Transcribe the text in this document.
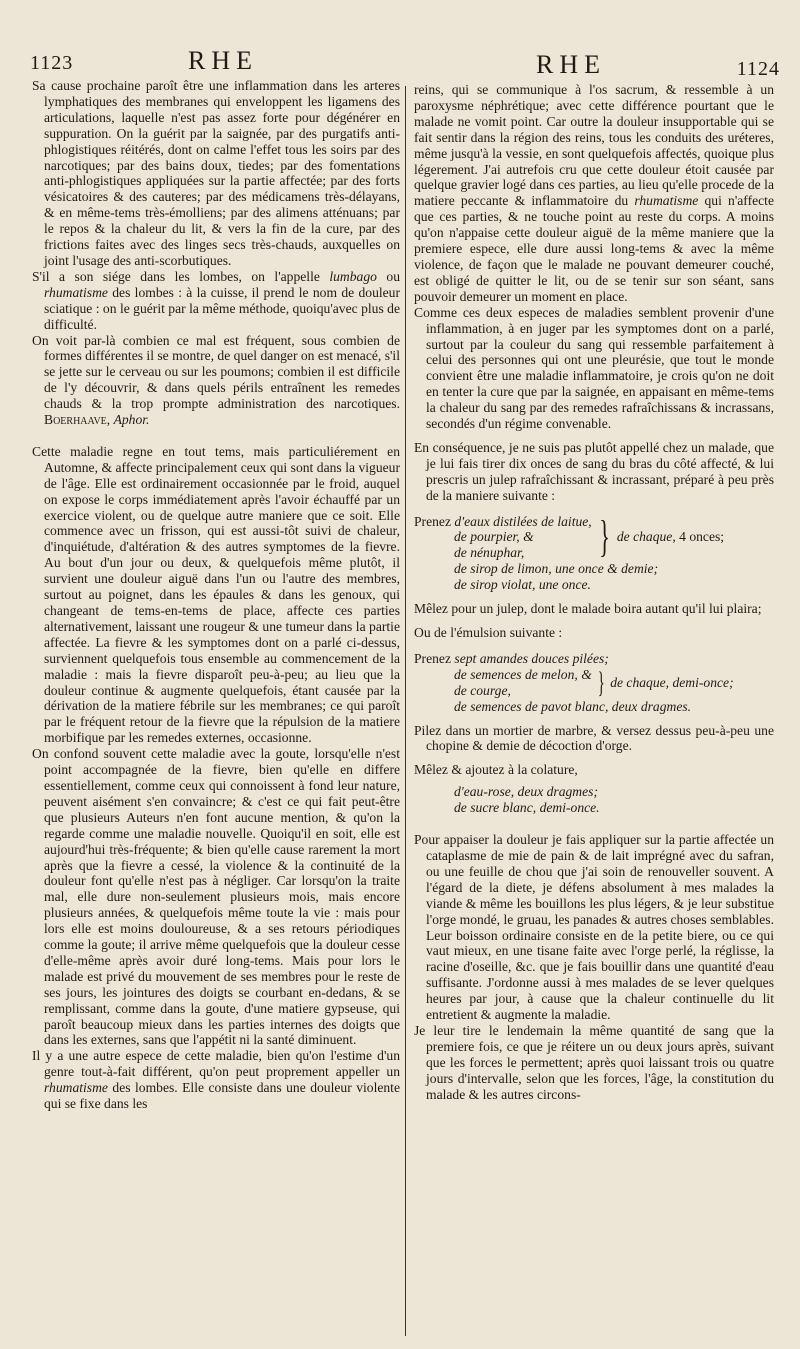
1123	RHE	RHE	1124

Sa cause prochaine paroît être une inflammation dans les arteres lymphatiques des membranes qui enveloppent les ligamens des articulations, laquelle n'est pas assez forte pour dégénérer en suppuration. On la guérit par la saignée, par des purgatifs anti-phlogistiques réitérés, dont on calme l'effet tous les soirs par des narcotiques; par des bains doux, tiedes; par des fomentations anti-phlogistiques appliquées sur la partie affectée; par des forts vésicatoires & des cauteres; par des médicamens très-délayans, & en même-tems très-émolliens; par des alimens atténuans; par le repos & la chaleur du lit, & vers la fin de la cure, par des frictions faites avec des linges secs très-chauds, auxquelles on joint l'usage des anti-scorbutiques.

S'il a son siége dans les lombes, on l'appelle lumbago ou rhumatisme des lombes : à la cuisse, il prend le nom de douleur sciatique : on le guérit par la même méthode, quoiqu'avec plus de difficulté.

On voit par-là combien ce mal est fréquent, sous combien de formes différentes il se montre, de quel danger on est menacé, s'il se jette sur le cerveau ou sur les poumons; combien il est difficile de l'y découvrir, & dans quels périls entraînent les remedes chauds & la trop prompte administration des narcotiques. Boerhaave, Aphor.

Cette maladie regne en tout tems, mais particuliérement en Automne, & affecte principalement ceux qui sont dans la vigueur de l'âge. Elle est ordinairement occasionnée par le froid, auquel on expose le corps immédiatement après l'avoir échauffé par un exercice violent, ou de quelque autre maniere que ce soit. Elle commence avec un frisson, qui est aussi-tôt suivi de chaleur, d'inquiétude, d'altération & des autres symptomes de la fievre. Au bout d'un jour ou deux, & quelquefois même plutôt, il survient une douleur aiguë dans l'un ou l'autre des membres, surtout au poignet, dans les épaules & dans les genoux, qui changeant de tems-en-tems de place, affecte ces parties alternativement, laissant une rougeur & une tumeur dans la partie affectée. La fievre & les symptomes dont on a parlé ci-dessus, surviennent quelquefois tous ensemble au commencement de la maladie : mais la fievre disparoît peu-à-peu; au lieu que la douleur continue & augmente quelquefois, étant causée par la dérivation de la matiere fébrile sur les membranes; ce qui paroît par le fréquent retour de la fievre que la répulsion de la matiere morbifique par les remedes externes, occasionne.

On confond souvent cette maladie avec la goute, lorsqu'elle n'est point accompagnée de la fievre, bien qu'elle en differe essentiellement, comme ceux qui connoissent à fond leur nature, peuvent aisément s'en convaincre; & c'est ce qui fait peut-être que plusieurs Auteurs n'en font aucune mention, & qu'on la regarde comme une maladie nouvelle. Quoiqu'il en soit, elle est aujourd'hui très-fréquente; & bien qu'elle cause rarement la mort après que la fievre a cessé, la violence & la continuité de la douleur font qu'elle n'est pas à négliger. Car lorsqu'on la traite mal, elle dure non-seulement plusieurs mois, mais encore plusieurs années, & quelquefois même toute la vie : mais pour lors elle est moins douloureuse, & a ses retours périodiques comme la goute; il arrive même quelquefois que la douleur cesse d'elle-même après avoir duré long-tems. Mais pour lors le malade est privé du mouvement de ses membres pour le reste de ses jours, les jointures des doigts se courbant en-dedans, & se remplissant, comme dans la goute, d'une matiere gypseuse, qui paroît beaucoup mieux dans les parties internes des doigts que dans les externes, sans que l'appétit ni la santé diminuent.

Il y a une autre espece de cette maladie, bien qu'on l'estime d'un genre tout-à-fait différent, qu'on peut proprement appeller un rhumatisme des lombes. Elle consiste dans une douleur violente qui se fixe dans les

reins, qui se communique à l'os sacrum, & ressemble à un paroxysme néphrétique; avec cette différence pourtant que le malade ne vomit point. Car outre la douleur insupportable qui se fait sentir dans la région des reins, tous les conduits des uréteres, même jusqu'à la vessie, en sont quelquefois affectés, quoique plus légerement. J'ai autrefois cru que cette douleur étoit causée par quelque gravier logé dans ces parties, au lieu qu'elle procede de la matiere peccante & inflammatoire du rhumatisme qui n'affecte que ces parties, & ne touche point au reste du corps. A moins qu'on n'appaise cette douleur aiguë de la même maniere que la premiere espece, elle dure aussi long-tems & avec la même violence, de façon que le malade ne pouvant demeurer couché, est obligé de quitter le lit, ou de se tenir sur son séant, sans pouvoir demeurer un moment en place.

Comme ces deux especes de maladies semblent provenir d'une inflammation, à en juger par les symptomes dont on a parlé, surtout par la couleur du sang qui ressemble parfaitement à celui des personnes qui ont une pleurésie, que tout le monde convient être une maladie inflammatoire, je crois qu'on ne doit en tenter la cure que par la saignée, en appaisant en même-tems la chaleur du sang par des remedes rafraîchissans & incrassans, secondés d'un régime convenable.

En conséquence, je ne suis pas plutôt appellé chez un malade, que je lui fais tirer dix onces de sang du bras du côté affecté, & lui prescris un julep rafraîchissant & incrassant, préparé à peu près de la maniere suivante :

Prenez d'eaux distilées de laitue,
de pourpier, &
de nénuphar,	} de chaque, 4 onces;
de sirop de limon, une once & demie;
de sirop violat, une once.

Mêlez pour un julep, dont le malade boira autant qu'il lui plaira;

Ou de l'émulsion suivante :

Prenez sept amandes douces pilées;
de semences de melon, &
de courge,	} de chaque, demi-once;
de semences de pavot blanc, deux dragmes.

Pilez dans un mortier de marbre, & versez dessus peu-à-peu une chopine & demie de décoction d'orge.

Mêlez & ajoutez à la colature,

d'eau-rose, deux dragmes;
de sucre blanc, demi-once.

Pour appaiser la douleur je fais appliquer sur la partie affectée un cataplasme de mie de pain & de lait imprégné avec du safran, ou une feuille de chou que j'ai soin de renouveller souvent. A l'égard de la diete, je défens absolument à mes malades la viande & même les bouillons les plus légers, & je leur substitue l'orge mondé, le gruau, les panades & autres choses semblables. Leur boisson ordinaire consiste en de la petite biere, ou ce qui vaut mieux, en une tisane faite avec l'orge perlé, la réglisse, la racine d'oseille, &c. que je fais bouillir dans une quantité d'eau suffisante. J'ordonne aussi à mes malades de se lever quelques heures par jour, à cause que la chaleur continuelle du lit entretient & augmente la maladie.

Je leur tire le lendemain la même quantité de sang que la premiere fois, ce que je réitere un ou deux jours après, suivant que les forces le permettent; après quoi laissant trois ou quatre jours d'intervalle, selon que les forces, l'âge, la constitution du malade & les autres circons-
